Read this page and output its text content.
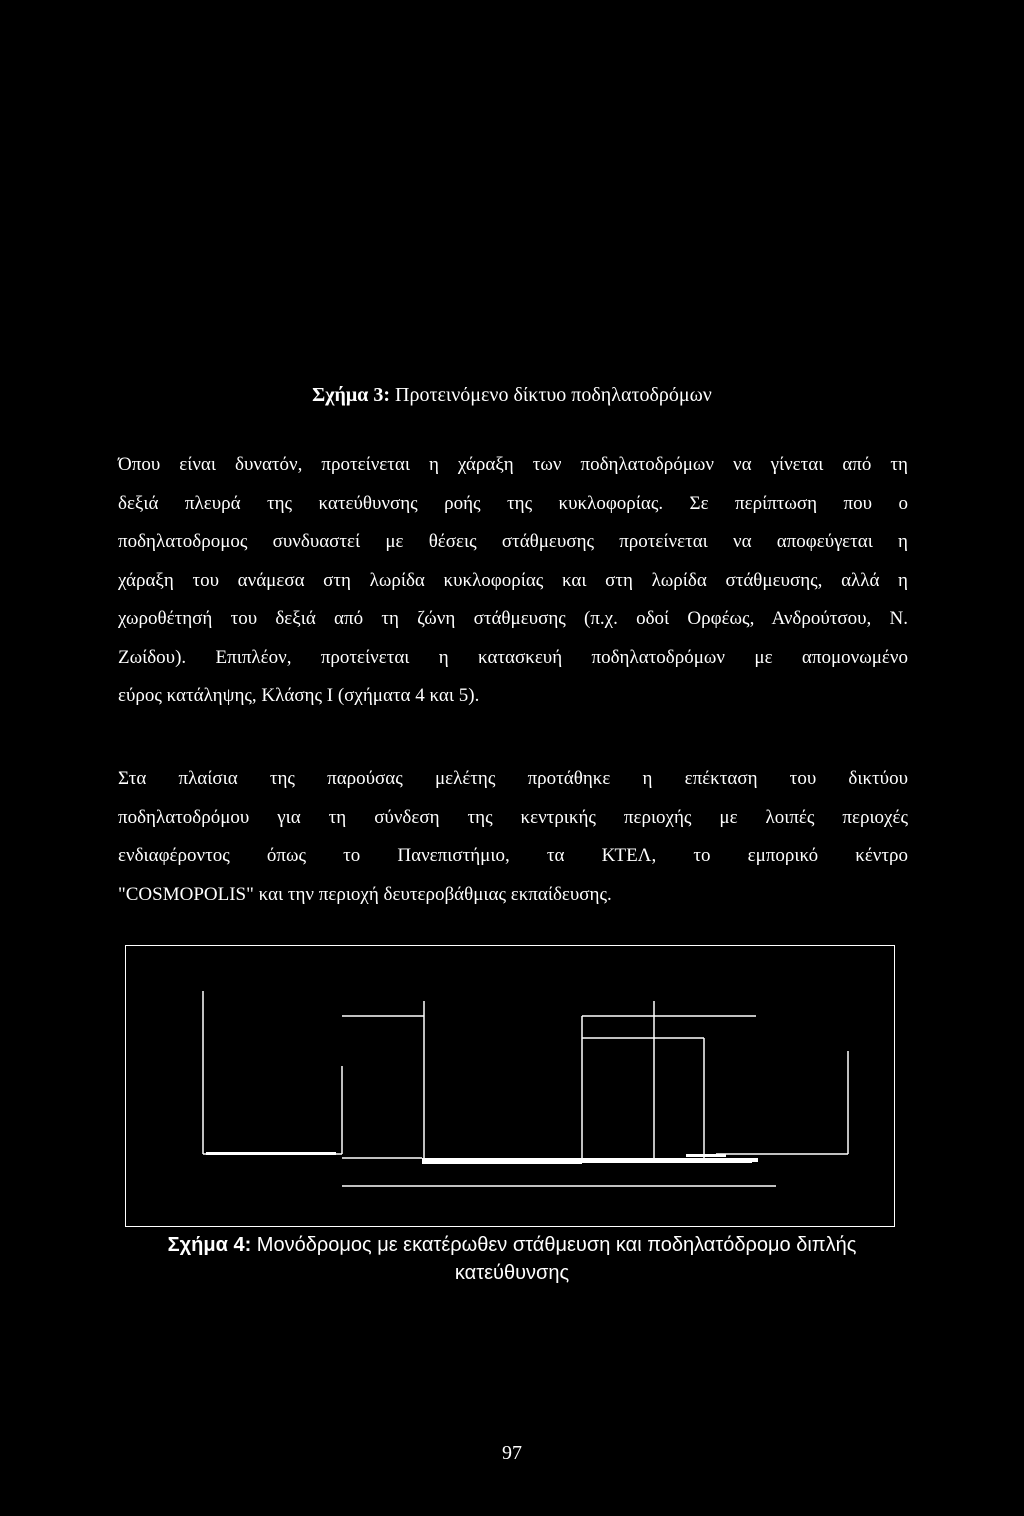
Σχήμα 3: Προτεινόμενο δίκτυο ποδηλατοδρόμων
Όπου είναι δυνατόν, προτείνεται η χάραξη των ποδηλατοδρόμων να γίνεται από τη
δεξιά πλευρά της κατεύθυνσης ροής της κυκλοφορίας. Σε περίπτωση που ο
ποδηλατοδρομος συνδυαστεί με θέσεις στάθμευσης προτείνεται να αποφεύγεται η
χάραξη του ανάμεσα στη λωρίδα κυκλοφορίας και στη λωρίδα στάθμευσης, αλλά η
χωροθέτησή του δεξιά από τη ζώνη στάθμευσης (π.χ. οδοί Ορφέως, Ανδρούτσου, Ν.
Ζωίδου). Επιπλέον, προτείνεται η κατασκευή ποδηλατοδρόμων με απομονωμένο
εύρος κατάληψης, Κλάσης I (σχήματα 4 και 5).
Στα πλαίσια της παρούσας μελέτης προτάθηκε η επέκταση του δικτύου
ποδηλατοδρόμου για τη σύνδεση της κεντρικής περιοχής με λοιπές περιοχές
ενδιαφέροντος όπως το Πανεπιστήμιο, τα ΚΤΕΛ, το εμπορικό κέντρο
"COSMOPOLIS" και την περιοχή δευτεροβάθμιας εκπαίδευσης.
Σχήμα 4: Μονόδρομος με εκατέρωθεν στάθμευση και ποδηλατόδρομο διπλής
κατεύθυνσης
97
